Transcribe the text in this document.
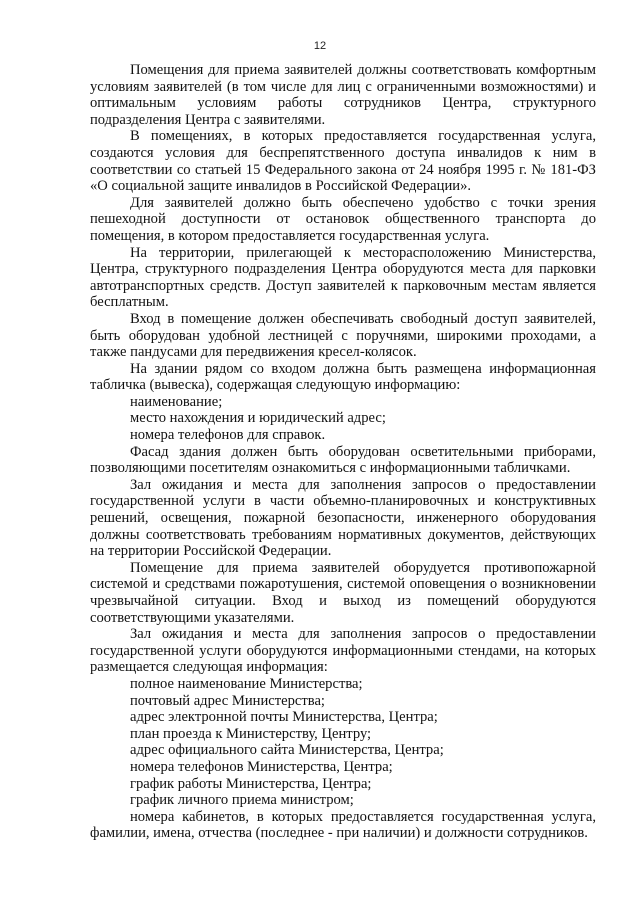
12

Помещения для приема заявителей должны соответствовать комфортным условиям заявителей (в том числе для лиц с ограниченными возможностями) и оптимальным условиям работы сотрудников Центра, структурного подразделения Центра с заявителями.

В помещениях, в которых предоставляется государственная услуга, создаются условия для беспрепятственного доступа инвалидов к ним в соответствии со статьей 15 Федерального закона от 24 ноября 1995 г. № 181-ФЗ «О социальной защите инвалидов в Российской Федерации».

Для заявителей должно быть обеспечено удобство с точки зрения пешеходной доступности от остановок общественного транспорта до помещения, в котором предоставляется государственная услуга.

На территории, прилегающей к месторасположению Министерства, Центра, структурного подразделения Центра оборудуются места для парковки автотранспортных средств. Доступ заявителей к парковочным местам является бесплатным.

Вход в помещение должен обеспечивать свободный доступ заявителей, быть оборудован удобной лестницей с поручнями, широкими проходами, а также пандусами для передвижения кресел-колясок.

На здании рядом со входом должна быть размещена информационная табличка (вывеска), содержащая следующую информацию:

наименование;

место нахождения и юридический адрес;

номера телефонов для справок.

Фасад здания должен быть оборудован осветительными приборами, позволяющими посетителям ознакомиться с информационными табличками.

Зал ожидания и места для заполнения запросов о предоставлении государственной услуги в части объемно-планировочных и конструктивных решений, освещения, пожарной безопасности, инженерного оборудования должны соответствовать требованиям нормативных документов, действующих на территории Российской Федерации.

Помещение для приема заявителей оборудуется противопожарной системой и средствами пожаротушения, системой оповещения о возникновении чрезвычайной ситуации. Вход и выход из помещений оборудуются соответствующими указателями.

Зал ожидания и места для заполнения запросов о предоставлении государственной услуги оборудуются информационными стендами, на которых размещается следующая информация:

полное наименование Министерства;

почтовый адрес Министерства;

адрес электронной почты Министерства, Центра;

план проезда к Министерству, Центру;

адрес официального сайта Министерства, Центра;

номера телефонов Министерства, Центра;

график работы Министерства, Центра;

график личного приема министром;

номера кабинетов, в которых предоставляется государственная услуга, фамилии, имена, отчества (последнее - при наличии) и должности сотрудников.
